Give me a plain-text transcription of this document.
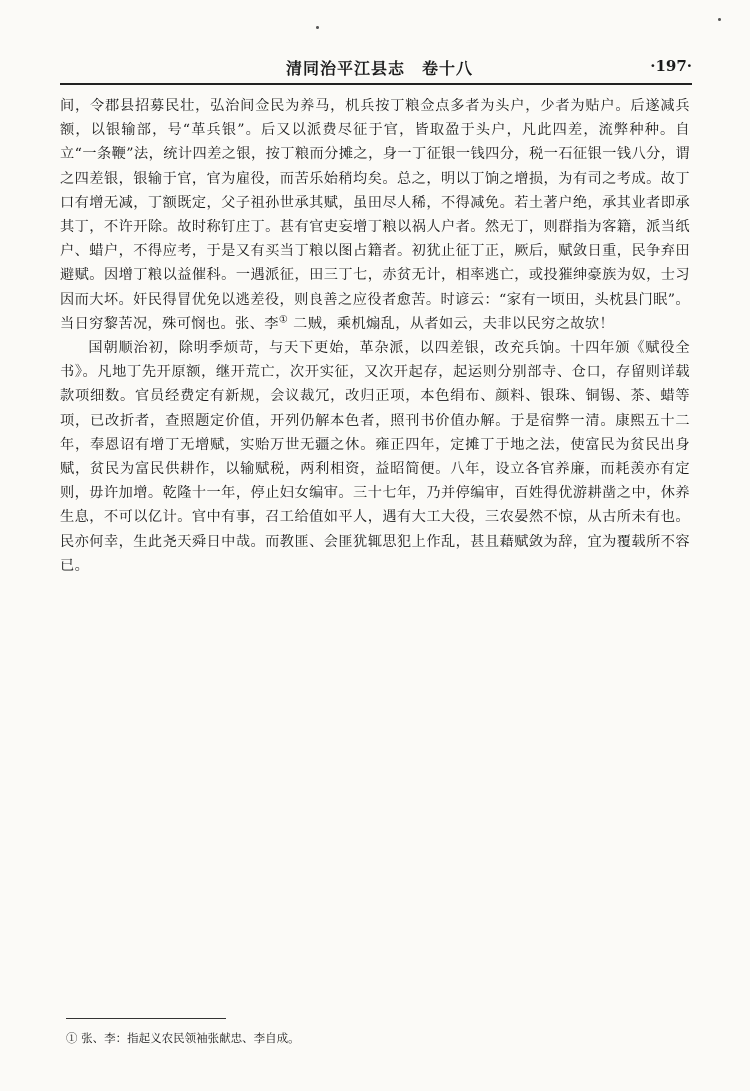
清同治平江县志　卷十八	·197·

间，令郡县招募民壮，弘治间佥民为养马，机兵按丁粮佥点多者为头户，少者为贴户。后遂减兵额，以银输部，号“革兵银”。后又以派费尽征于官，皆取盈于头户，凡此四差，流弊种种。自立“一条鞭”法，统计四差之银，按丁粮而分摊之，身一丁征银一钱四分，税一石征银一钱八分，谓之四差银，银输于官，官为雇役，而苦乐始稍均矣。总之，明以丁饷之增损，为有司之考成。故丁口有增无减，丁额既定，父子祖孙世承其赋，虽田尽人稀，不得减免。若土著户绝，承其业者即承其丁，不许开除。故时称钉庄丁。甚有官吏妄增丁粮以祸人户者。然无丁，则群指为客籍，派当纸户、蜡户，不得应考，于是又有买当丁粮以图占籍者。初犹止征丁正，厥后，赋敛日重，民争弃田避赋。因增丁粮以益催科。一遇派征，田三丁七，赤贫无计，相率逃亡，或投獕绅豪族为奴，士习因而大坏。奸民得冒优免以逃差役，则良善之应役者愈苦。时谚云：“家有一顷田，头枕县门眠”。当日穷黎苦况，殊可悯也。张、李① 二贼，乘机煽乱，从者如云，夫非以民穷之故欤！

国朝顺治初，除明季烦苛，与天下更始，革杂派，以四差银，改充兵饷。十四年颁《赋役全书》。凡地丁先开原额，继开荒亡，次开实征，又次开起存，起运则分别部寺、仓口，存留则详载款项细数。官员经费定有新规，会议裁冗，改归正项，本色绢布、颜料、银珠、铜锡、茶、蜡等项，已改折者，查照题定价值，开列仍解本色者，照刊书价值办解。于是宿弊一清。康熙五十二年，奉恩诏有增丁无增赋，实贻万世无疆之休。雍正四年，定摊丁于地之法，使富民为贫民出身赋，贫民为富民供耕作，以输赋税，两利相资，益昭简便。八年，设立各官养廉，而耗羡亦有定则，毋许加增。乾隆十一年，停止妇女编审。三十七年，乃并停编审，百姓得优游耕凿之中，休养生息，不可以亿计。官中有事，召工给值如平人，遇有大工大役，三农晏然不惊，从古所未有也。民亦何幸，生此尧天舜日中哉。而教匪、会匪犹辄思犯上作乱，甚且藉赋敛为辞，宜为覆载所不容已。

① 张、李：指起义农民领袖张献忠、李自成。
